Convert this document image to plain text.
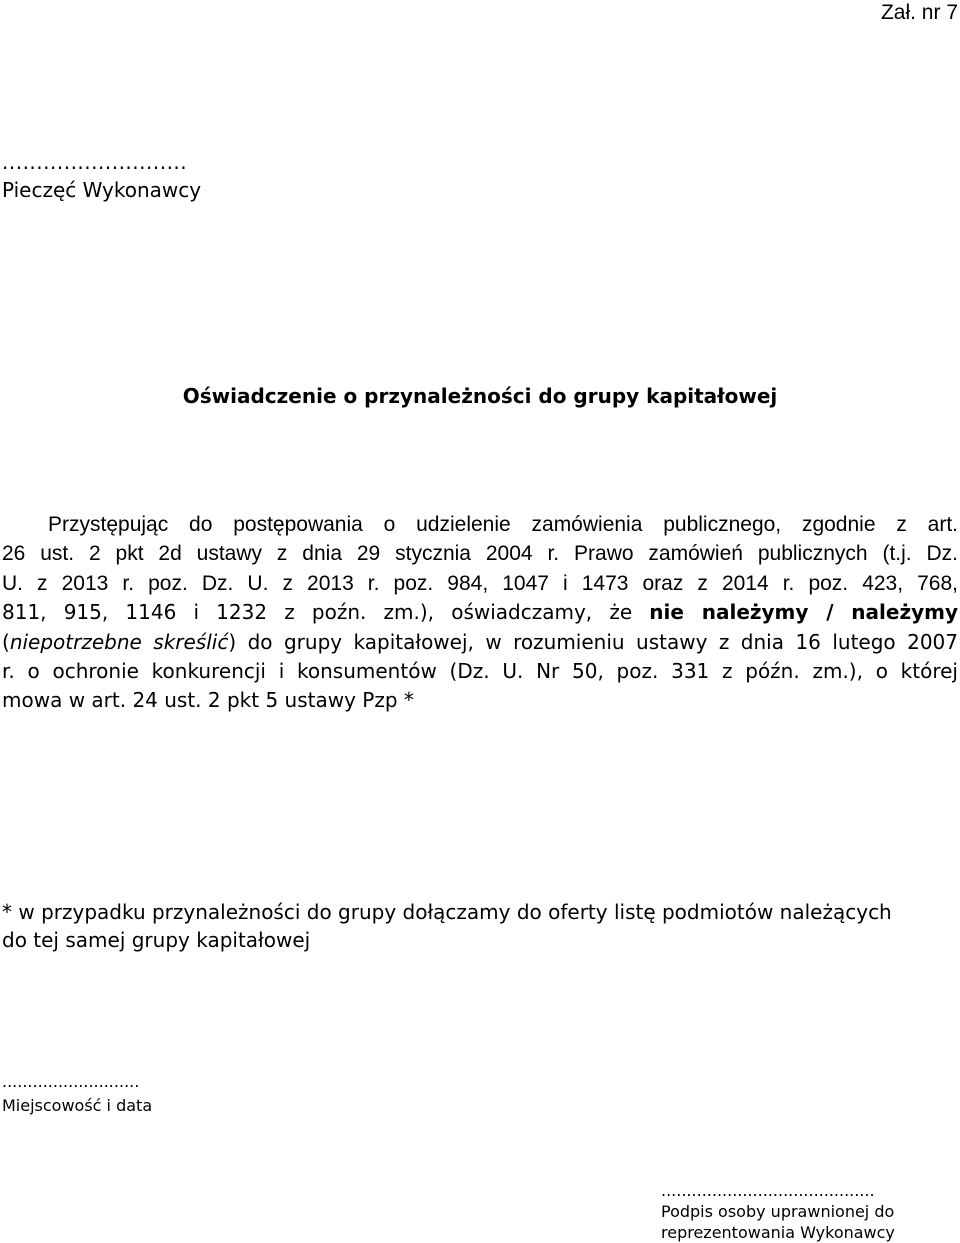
Zał. nr 7
...........................
Pieczęć Wykonawcy
Oświadczenie o przynależności do grupy kapitałowej
Przystępując do postępowania o udzielenie zamówienia publicznego, zgodnie z art.
26 ust. 2 pkt 2d ustawy z dnia 29 stycznia 2004 r. Prawo zamówień publicznych (t.j. Dz.
U. z 2013 r. poz. Dz. U. z 2013 r. poz. 984, 1047 i 1473 oraz z 2014 r. poz. 423, 768,
811, 915, 1146 i 1232 z poźn. zm.), oświadczamy, że nie należymy / należymy
(niepotrzebne skreślić) do grupy kapitałowej, w rozumieniu ustawy z dnia 16 lutego 2007
r. o ochronie konkurencji i konsumentów (Dz. U. Nr 50, poz. 331 z późn. zm.), o której
mowa w art. 24 ust. 2 pkt 5 ustawy Pzp *
* w przypadku przynależności do grupy dołączamy do oferty listę podmiotów należących
do tej samej grupy kapitałowej
...........................
Miejscowość i data
..........................................
Podpis osoby uprawnionej do
reprezentowania Wykonawcy
